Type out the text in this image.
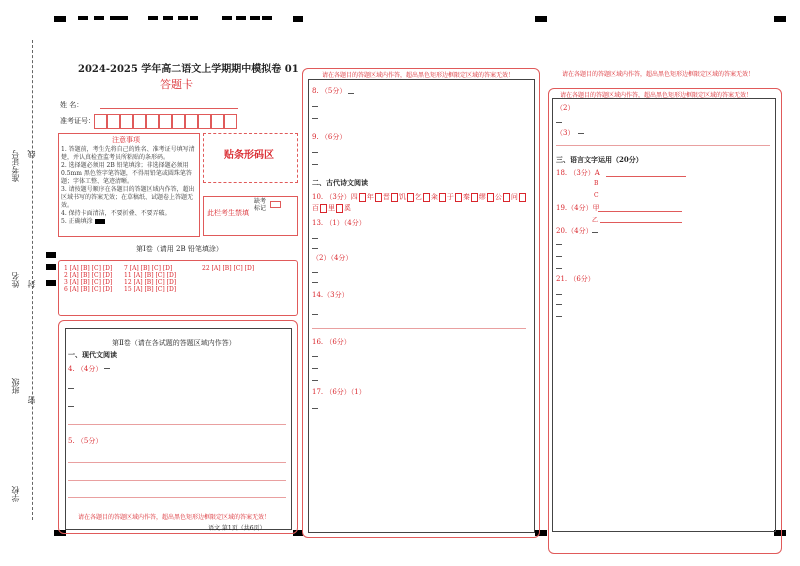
准考证号 线
姓名 封
班级
密
学校
2024-2025 学年高二语文上学期期中模拟卷 01
答题卡
姓 名：
准考证号：
注意事项
1. 答题前，考生先将自己的姓名、准考证号填写清楚，并认真检查监考员所粘贴的条形码。
2. 选择题必须用 2B 铅笔填涂；非选择题必须用 0.5mm 黑色签字笔答题，不得用铅笔或圆珠笔答题；字体工整、笔迹清晰。
3. 请按题号顺序在各题目的答题区域内作答，超出区域书写的答案无效；在草稿纸、试题卷上答题无效。
4. 保持卡面清洁，不要折叠、不要弄破。
5. 正确填涂
贴条形码区
此栏考生禁填
缺考标记
第Ⅰ卷（请用 2B 铅笔填涂）
1 [A] [B] [C] [D]
2 [A] [B] [C] [D]
3 [A] [B] [C] [D]
6 [A] [B] [C] [D]
7 [A] [B] [C] [D]
11 [A] [B] [C] [D]
12 [A] [B] [C] [D]
15 [A] [B] [C] [D]
22 [A] [B] [C] [D]
第Ⅱ卷（请在各试题的答题区域内作答）
一、现代文阅读
4. （4分）
5. （5分）
请在各题目的答题区域内作答，超出黑色矩形边框限定区域的答案无效！
语文 第1页（共6页）
请在各题目的答题区域内作答，超出黑色矩形边框限定区域的答案无效！
8. （5分）
9. （6分）
二、古代诗文阅读
10. （3分）四 年 晋 饥 乞 籴 于 秦 缪 公 问百 里 奚
13. （1）（4分）
（2）（4分）
14.（3分）
16. （6分）
17. （6分）（1）
请在各题目的答题区域内作答，超出黑色矩形边框限定区域的答案无效！
请在各题目的答题区域内作答，超出黑色矩形边框限定区域的答案无效！
（2）
（3）
三、语言文字运用（20分）
18. （3分）A
B
C
19.（4分）甲
乙
20.（4分）
21. （6分）
